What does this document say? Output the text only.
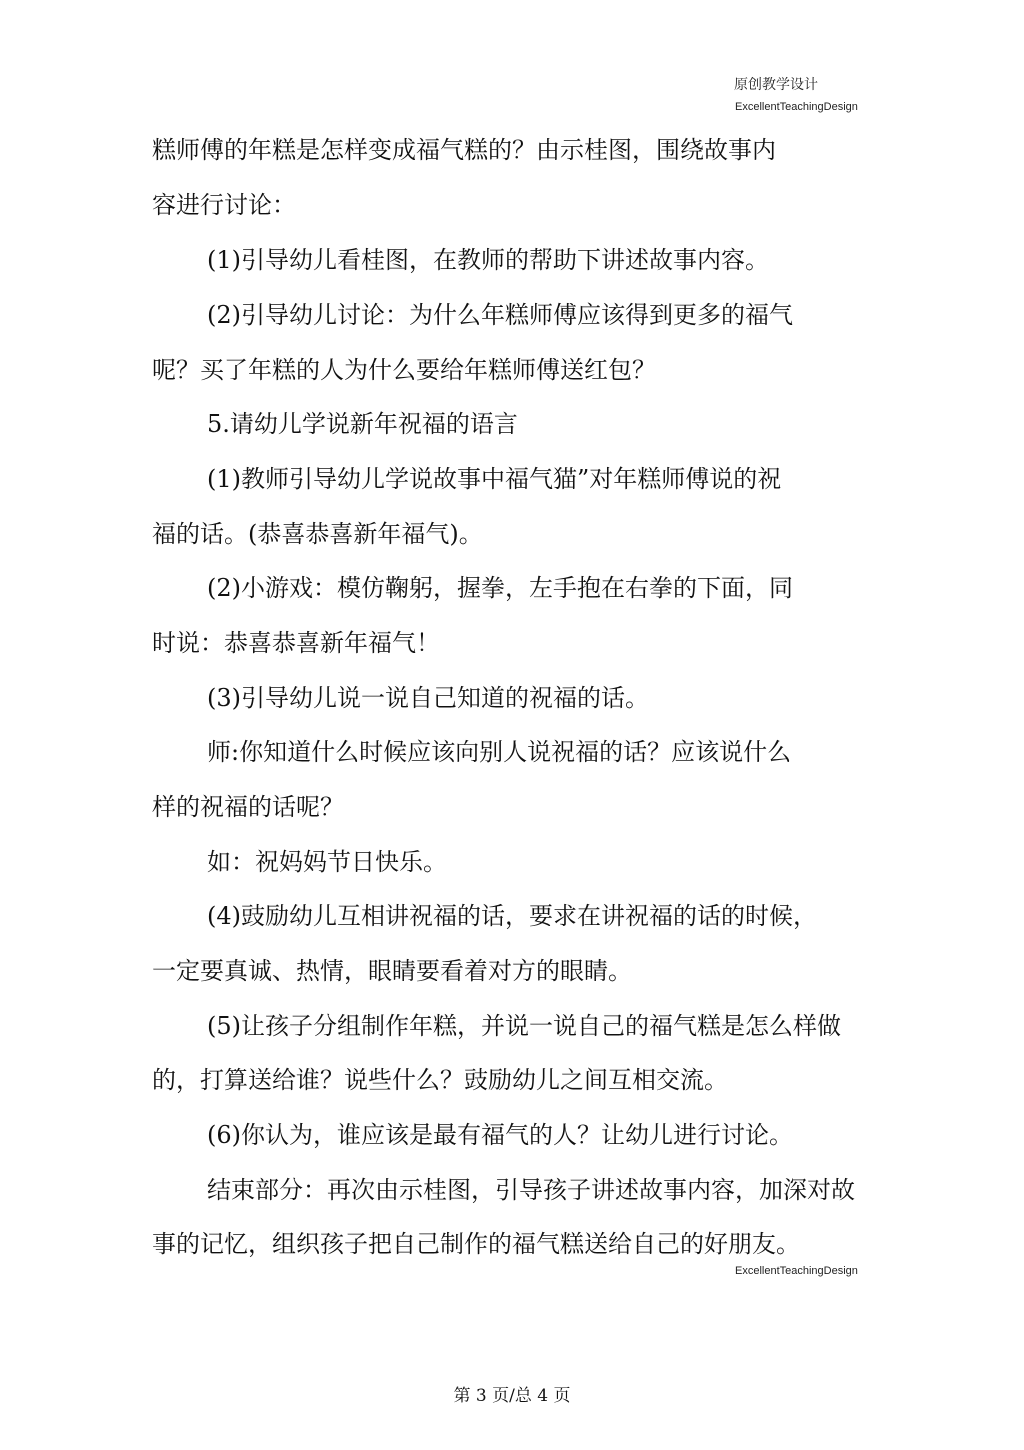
原创教学设计
ExcellentTeachingDesign
糕师傅的年糕是怎样变成福气糕的？由示桂图，围绕故事内
容进行讨论：
(1)引导幼儿看桂图，在教师的帮助下讲述故事内容。
(2)引导幼儿讨论：为什么年糕师傅应该得到更多的福气
呢？买了年糕的人为什么要给年糕师傅送红包？
5.请幼儿学说新年祝福的语言
(1)教师引导幼儿学说故事中福气猫”对年糕师傅说的祝
福的话。(恭喜恭喜新年福气)。
(2)小游戏：模仿鞠躬，握拳，左手抱在右拳的下面，同
时说：恭喜恭喜新年福气！
(3)引导幼儿说一说自己知道的祝福的话。
师:你知道什么时候应该向别人说祝福的话？应该说什么
样的祝福的话呢？
如：祝妈妈节日快乐。
(4)豉励幼儿互相讲祝福的话，要求在讲祝福的话的时候，
一定要真诚、热情，眼睛要看着对方的眼睛。
(5)让孩子分组制作年糕，并说一说自己的福气糕是怎么样做
的，打算送给谁？说些什么？豉励幼儿之间互相交流。
(6)你认为，谁应该是最有福气的人？让幼儿进行讨论。
结束部分：再次由示桂图，引导孩子讲述故事内容，加深对故
事的记忆，组织孩子把自己制作的福气糕送给自己的好朋友。
ExcellentTeachingDesign
第 3 页/总 4 页
